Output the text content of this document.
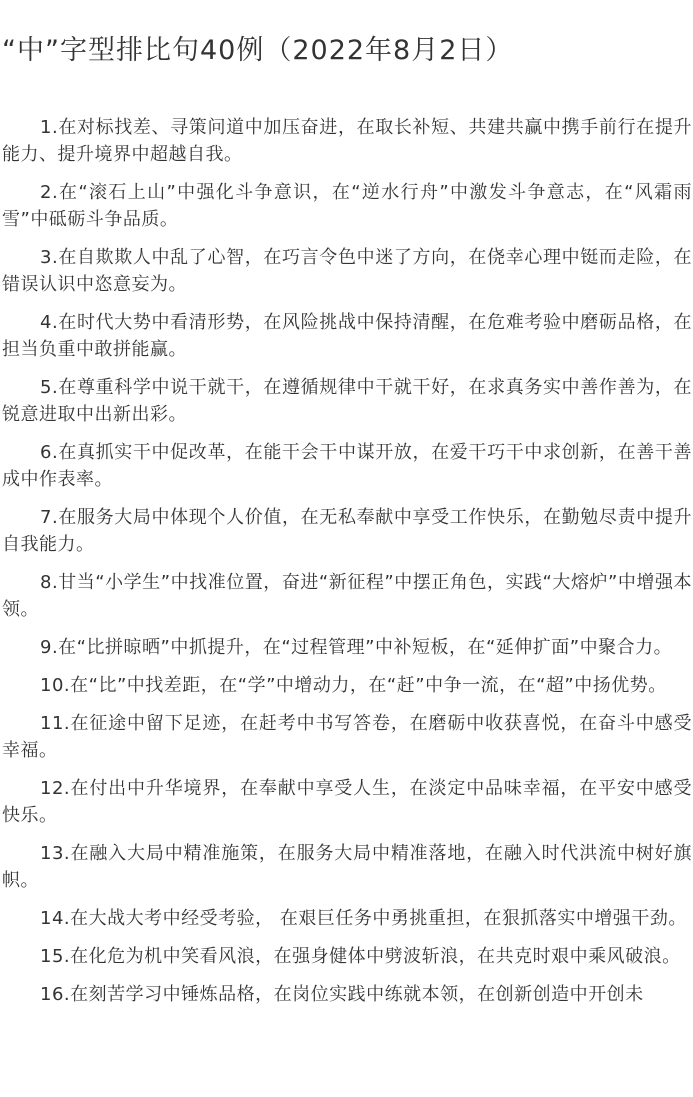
“中”字型排比句40例（2022年8月2日）

1.在对标找差、寻策问道中加压奋进，在取长补短、共建共赢中携手前行在提升能力、提升境界中超越自我。

2.在“滚石上山”中强化斗争意识，在“逆水行舟”中激发斗争意志，在“风霜雨雪”中砥砺斗争品质。

3.在自欺欺人中乱了心智，在巧言令色中迷了方向，在侥幸心理中铤而走险，在错误认识中恣意妄为。

4.在时代大势中看清形势，在风险挑战中保持清醒，在危难考验中磨砺品格，在担当负重中敢拼能赢。

5.在尊重科学中说干就干，在遵循规律中干就干好，在求真务实中善作善为，在锐意进取中出新出彩。

6.在真抓实干中促改革，在能干会干中谋开放，在爱干巧干中求创新，在善干善成中作表率。

7.在服务大局中体现个人价值，在无私奉献中享受工作快乐，在勤勉尽责中提升自我能力。

8.甘当“小学生”中找准位置，奋进“新征程”中摆正角色，实践“大熔炉”中增强本领。

9.在“比拼晾晒”中抓提升，在“过程管理”中补短板，在“延伸扩面”中聚合力。

10.在“比”中找差距，在“学”中增动力，在“赶”中争一流，在“超”中扬优势。

11.在征途中留下足迹，在赶考中书写答卷，在磨砺中收获喜悦，在奋斗中感受幸福。

12.在付出中升华境界，在奉献中享受人生，在淡定中品味幸福，在平安中感受快乐。

13.在融入大局中精准施策，在服务大局中精准落地，在融入时代洪流中树好旗帜。

14.在大战大考中经受考验， 在艰巨任务中勇挑重担，在狠抓落实中增强干劲。

15.在化危为机中笑看风浪，在强身健体中劈波斩浪，在共克时艰中乘风破浪。

16.在刻苦学习中锤炼品格，在岗位实践中练就本领，在创新创造中开创未
